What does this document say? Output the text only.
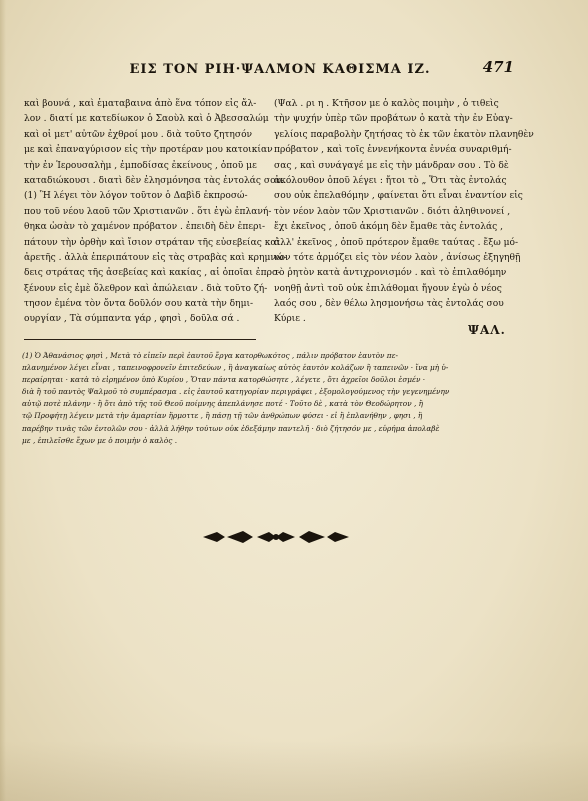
ΕΙΣ ΤΟΝ ΡΙΗ·ΨΑΛΜΟΝ ΚΑΘΙΣΜΑ ΙΖ.	471

καὶ βουνά , καὶ ἐματαβαινα ἀπὸ ἕνα τόπον εἰς ἄλ-
λον . διατί με κατεδίωκον ὁ Σαοὺλ καὶ ὁ Ἀβεσσαλώμ
καὶ οἱ μετ' αὐτῶν ἐχθροί μου . διὰ τοῦτο ζητησόν
με καὶ ἐπαναγύρισον εἰς τὴν προτέραν μου κατοικίαν
τὴν ἐν Ἱερουσαλὴμ , ἐμποδίσας ἐκείνους , ὁποῦ με
καταδιώκουσι . διατὶ δὲν ἐλησμόνησα τὰς ἐντολάς σου.
(1) Ἢ λέγει τὸν λόγον τοῦτον ὁ Δαβὶδ ἐκπροσώ-
που τοῦ νέου λαοῦ τῶν Χριστιανῶν . ὅτι ἐγὼ ἐπλανή-
θηκα ὡσὰν τὸ χαμένον πρόβατον . ἐπειδὴ δὲν ἐπερι-
πάτουν τὴν ὀρθὴν καὶ ἴσιον στράταν τῆς εὐσεβείας καὶ
ἀρετῆς . ἀλλὰ ἐπεριπάτουν εἰς τὰς στραβὰς καὶ κρημνώ-
δεις στράτας τῆς ἀσεβείας καὶ κακίας , αἱ ὁποῖαι ἐπρο-
ξένουν εἰς ἐμὲ ὄλεθρον καὶ ἀπώλειαν . διὰ τοῦτο ζή-
τησον ἐμένα τὸν ὄντα δοῦλόν σου κατὰ τὴν δημι-
ουργίαν , Τὰ σύμπαντα γάρ , φησὶ , δοῦλα σά .

(Ψαλ . ρι η . Κτῆσον με ὁ καλὸς ποιμὴν , ὁ τιθεὶς
τὴν ψυχήν ὑπὲρ τῶν προβάτων ὁ κατὰ τὴν ἐν Εὐαγ-
γελίοις παραβολὴν ζητήσας τὸ ἐκ τῶν ἑκατὸν πλανηθὲν
πρόβατον , καὶ τοῖς ἐννενήκοντα ἐννέα συναριθμή-
σας , καὶ συνάγαγέ με εἰς τὴν μάνδραν σου . Τὸ δὲ
ἀκόλουθον ὁποῦ λέγει : ἤτοι τὸ „ Ὅτι τὰς ἐντολάς
σου οὐκ ἐπελαθόμην , φαίνεται ὅτι εἶναι ἐναντίον εἰς
τὸν νέον λαὸν τῶν Χριστιανῶν . διότι ἀληθινονεί ,
ἔχι ἐκεῖνος , ὁποῦ ἀκόμη δὲν ἔμαθε τὰς ἐντολάς ,
ἀλλ' ἐκεῖνος , ὁποῦ πρότερον ἔμαθε ταύτας . ἔξω μό-
νον τότε ἁρμόζει εἰς τὸν νέον λαὸν , ἀνίσως ἐξηγηθῇ
τὸ ῥητὸν κατὰ ἀντιχρονισμόν . καὶ τὸ ἐπιλαθόμην
νοηθῇ ἀντὶ τοῦ οὐκ ἐπιλάθομαι ἤγουν ἐγὼ ὁ νέος
λαός σου , δὲν θέλω λησμονήσω τὰς ἐντολάς σου
Κύριε .

ΨΑΛ.
(1) Ὁ Ἀθανάσιος φησὶ , Μετὰ τὸ εἰπεῖν περὶ ἑαυτοῦ ἔργα κατορθωκότος , πάλιν πρόβατον ἑαυτὸν πε-
πλανημένον λέγει εἶναι , ταπεινοφρονεῖν ἐπιτεδεύων , ἢ ἀναγκαίως αὐτὸς ἑαυτὸν κολάζων ἢ ταπεινῶν · ἵνα μὴ ὑ-
περαίρηται · κατὰ τὸ εἰρημένον ὑπὸ Κυρίου , Ὅταν πάντα κατορθώσητε , λέγετε , ὅτι ἀχρεῖοι δοῦλοι ἐσμέν ·
διὰ ἢ τοῦ παντὸς Ψαλμοῦ τὸ συμπέρασμα . εἰς ἑαυτοῦ κατηγορίαν περιγράφει , ἐξομολογούμενος τὴν γεγενημένην
αὐτῷ ποτὲ πλάνην · ἢ ὅτι ἀπὸ τῆς τοῦ Θεοῦ ποίμνης ἀπεπλάνησε ποτέ · Τοῦτο δὲ , κατὰ τὸν Θεοδώρητον , ἢ
τῷ Προφήτῃ λέγειν μετὰ τὴν ἁμαρτίαν ἥρμοττε , ἢ πάσῃ τῇ τῶν ἀνθρώπων φύσει · εἰ ἢ ἐπλανήθην , φησι , ἢ
παρέβην τινὰς τῶν ἐντολῶν σου · ἀλλὰ λήθην τούτων οὐκ ἐδεξάμην παντελῆ · διὸ ζήτησόν με , εὑρήμα ἀπολαβὲ
με , ἐπιλεῖσθε ἔχων με ὁ ποιμὴν ὁ καλὸς .
